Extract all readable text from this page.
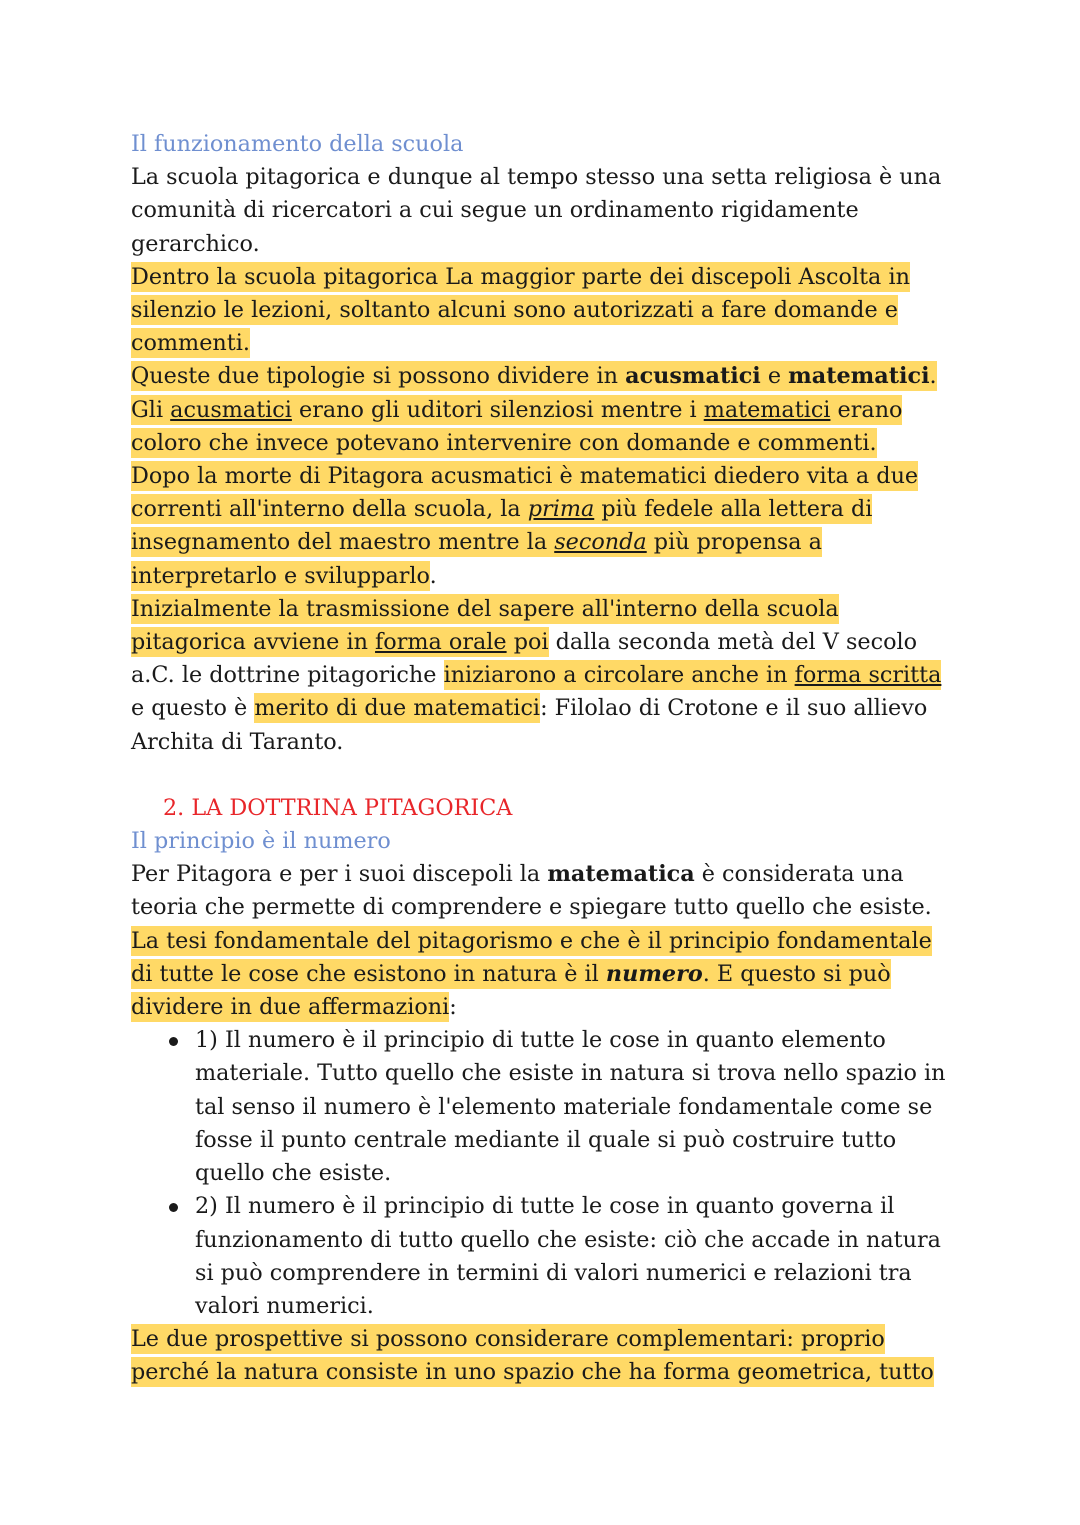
Il funzionamento della scuola

La scuola pitagorica e dunque al tempo stesso una setta religiosa è una comunità di ricercatori a cui segue un ordinamento rigidamente gerarchico.

Dentro la scuola pitagorica La maggior parte dei discepoli Ascolta in silenzio le lezioni, soltanto alcuni sono autorizzati a fare domande e commenti.

Queste due tipologie si possono dividere in acusmatici e matematici.

Gli acusmatici erano gli uditori silenziosi mentre i matematici erano coloro che invece potevano intervenire con domande e commenti.

Dopo la morte di Pitagora acusmatici è matematici diedero vita a due correnti all'interno della scuola, la prima più fedele alla lettera di insegnamento del maestro mentre la seconda più propensa a interpretarlo e svilupparlo.

Inizialmente la trasmissione del sapere all'interno della scuola pitagorica avviene in forma orale poi dalla seconda metà del V secolo a.C. le dottrine pitagoriche iniziarono a circolare anche in forma scritta e questo è merito di due matematici: Filolao di Crotone e il suo allievo Archita di Taranto.

2. LA DOTTRINA PITAGORICA

Il principio è il numero

Per Pitagora e per i suoi discepoli la matematica è considerata una teoria che permette di comprendere e spiegare tutto quello che esiste.

La tesi fondamentale del pitagorismo e che è il principio fondamentale di tutte le cose che esistono in natura è il numero. E questo si può dividere in due affermazioni:

1) Il numero è il principio di tutte le cose in quanto elemento materiale. Tutto quello che esiste in natura si trova nello spazio in tal senso il numero è l'elemento materiale fondamentale come se fosse il punto centrale mediante il quale si può costruire tutto quello che esiste.
2) Il numero è il principio di tutte le cose in quanto governa il funzionamento di tutto quello che esiste: ciò che accade in natura si può comprendere in termini di valori numerici e relazioni tra valori numerici.

Le due prospettive si possono considerare complementari: proprio perché la natura consiste in uno spazio che ha forma geometrica, tutto
